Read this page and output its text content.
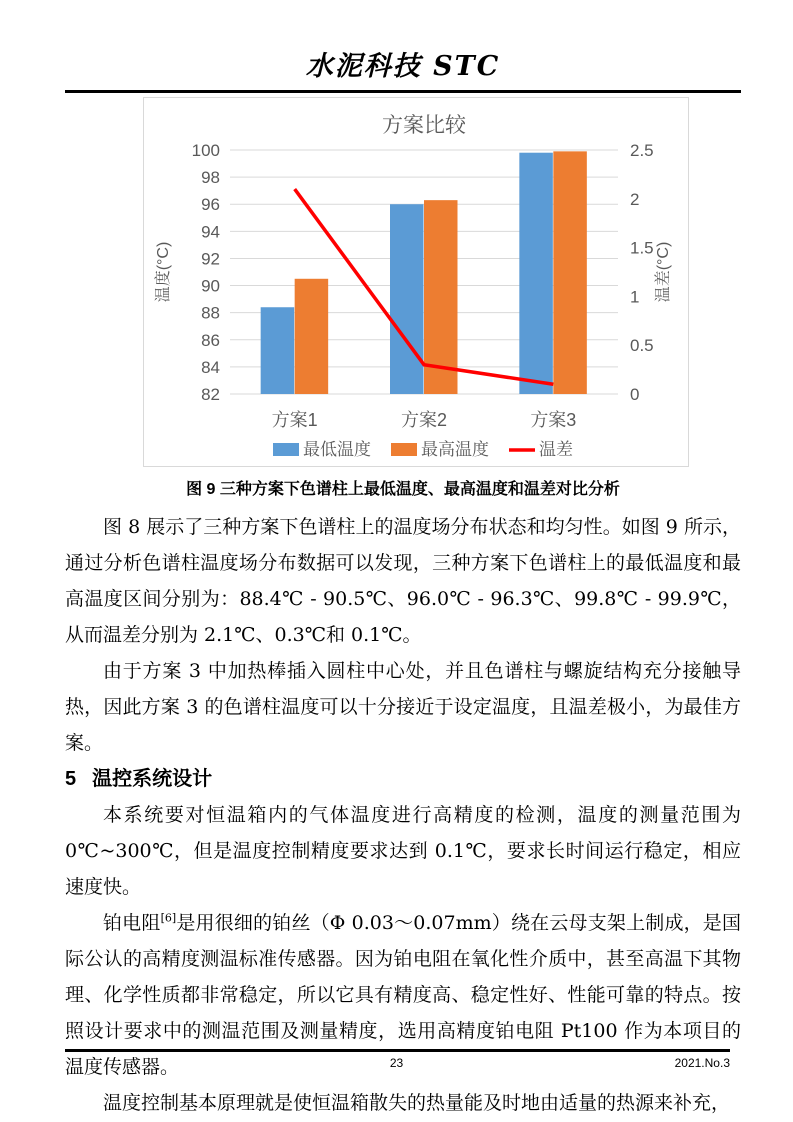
水泥科技 STC
方案比较
100
98
96
94
92
90
88
86
84
82
2.5
2
1.5
1
0.5
0
温度(°C)	温差(°C)
方案1	方案2	方案3
最低温度	最高温度	温差
图 9 三种方案下色谱柱上最低温度、最高温度和温差对比分析

图 8 展示了三种方案下色谱柱上的温度场分布状态和均匀性。如图 9 所示，通过分析色谱柱温度场分布数据可以发现，三种方案下色谱柱上的最低温度和最高温度区间分别为：88.4℃ - 90.5℃、96.0℃ - 96.3℃、99.8℃ - 99.9℃，从而温差分别为 2.1℃、0.3℃和 0.1℃。

由于方案 3 中加热棒插入圆柱中心处，并且色谱柱与螺旋结构充分接触导热，因此方案 3 的色谱柱温度可以十分接近于设定温度，且温差极小，为最佳方案。

5 温控系统设计

本系统要对恒温箱内的气体温度进行高精度的检测，温度的测量范围为 0℃~300℃，但是温度控制精度要求达到 0.1℃，要求长时间运行稳定，相应速度快。

铂电阻[6]是用很细的铂丝（Φ 0.03～0.07mm）绕在云母支架上制成，是国际公认的高精度测温标准传感器。因为铂电阻在氧化性介质中，甚至高温下其物理、化学性质都非常稳定，所以它具有精度高、稳定性好、性能可靠的特点。按照设计要求中的测温范围及测量精度，选用高精度铂电阻 Pt100 作为本项目的温度传感器。

温度控制基本原理就是使恒温箱散失的热量能及时地由适量的热源来补充，

23	2021.No.3
